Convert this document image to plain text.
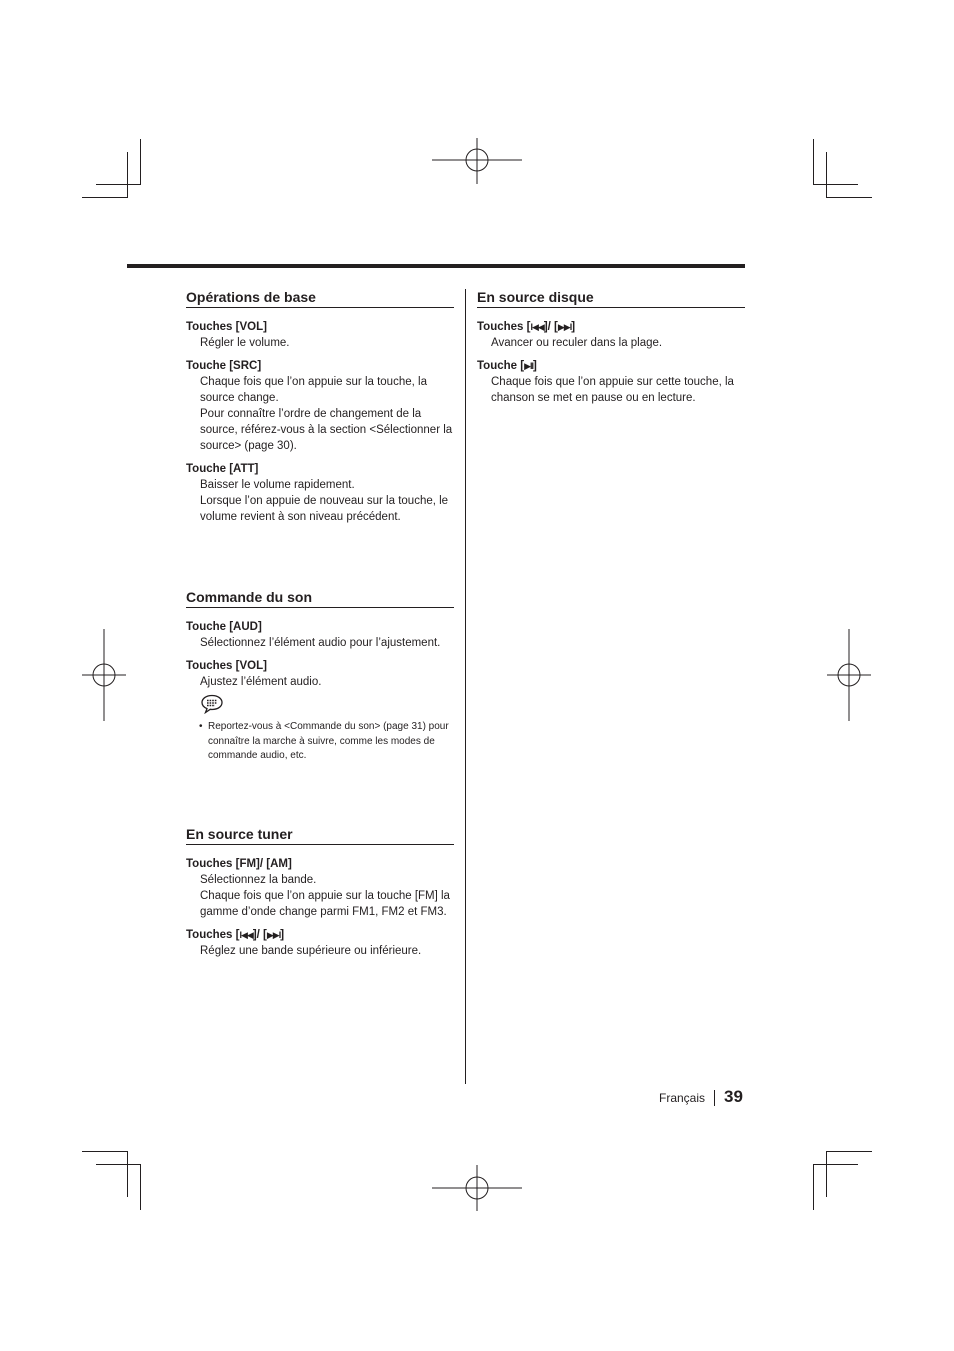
Opérations de base
Touches [VOL]
Régler le volume.
Touche [SRC]
Chaque fois que l’on appuie sur la touche, la source change.
Pour connaître l’ordre de changement de la source, référez-vous à la section <Sélectionner la source> (page 30).
Touche [ATT]
Baisser le volume rapidement.
Lorsque l’on appuie de nouveau sur la touche, le volume revient à son niveau précédent.
Commande du son
Touche [AUD]
Sélectionnez l’élément audio pour l’ajustement.
Touches [VOL]
Ajustez l’élément audio.
• Reportez-vous à <Commande du son> (page 31) pour connaître la marche à suivre, comme les modes de commande audio, etc.
En source tuner
Touches [FM]/ [AM]
Sélectionnez la bande.
Chaque fois que l’on appuie sur la touche [FM] la gamme d’onde change parmi FM1, FM2 et FM3.
Touches [I◀◀]/ [▶▶I]
Réglez une bande supérieure ou inférieure.
En source disque
Touches [I◀◀]/ [▶▶I]
Avancer ou reculer dans la plage.
Touche [▶II]
Chaque fois que l’on appuie sur cette touche, la chanson se met en pause ou en lecture.
Français 39
